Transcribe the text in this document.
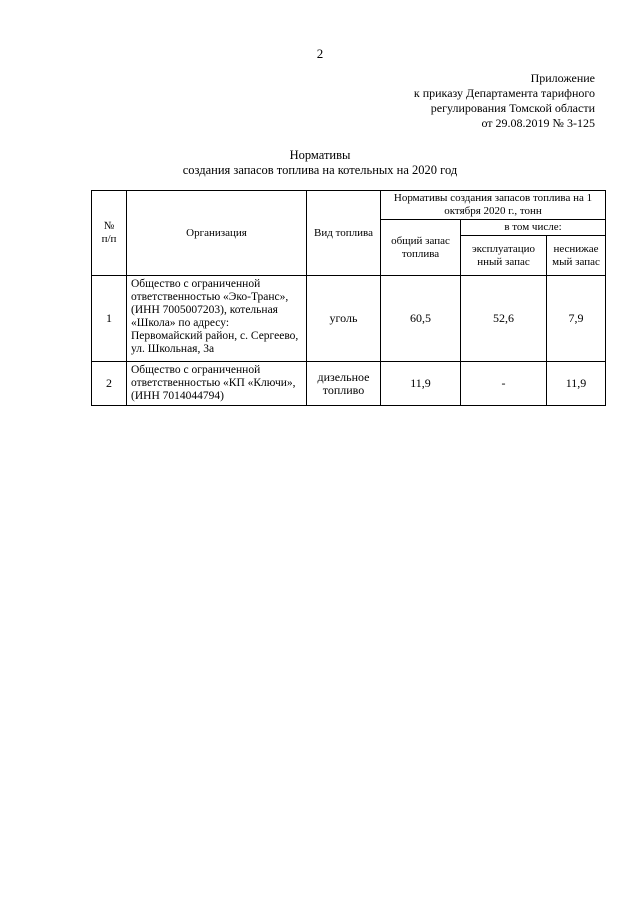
2
Приложение
к приказу Департамента тарифного
регулирования Томской области
от 29.08.2019 № 3-125
Нормативы
создания запасов топлива на котельных на 2020 год
№
п/п	Организация	Вид топлива	Нормативы создания запасов топлива на 1 октября 2020 г., тонн		
			общий запас топлива	в том числе:	
				эксплуатацио нный запас	неснижае мый запас
1	Общество с ограниченной ответственностью «Эко-Транс», (ИНН 7005007203), котельная «Школа» по адресу: Первомайский район, с. Сергеево, ул. Школьная, 3а	уголь	60,5	52,6	7,9
2	Общество с ограниченной ответственностью «КП «Ключи», (ИНН 7014044794)	дизельное топливо	11,9	-	11,9
